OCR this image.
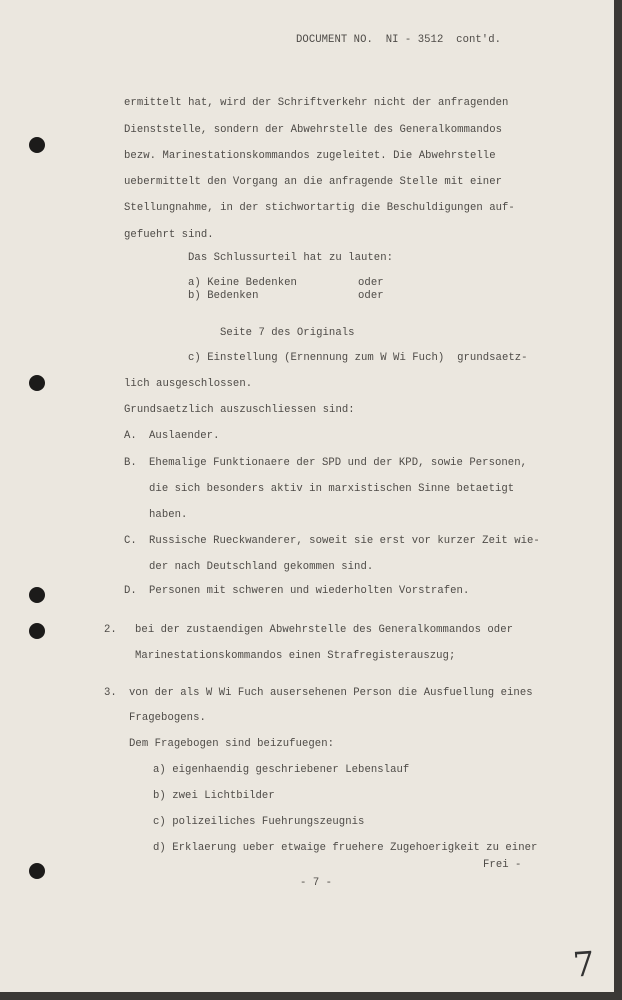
DOCUMENT NO.  NI - 3512  cont'd.
ermittelt hat, wird der Schriftverkehr nicht der anfragenden
Dienststelle, sondern der Abwehrstelle des Generalkommandos
bezw. Marinestationskommandos zugeleitet. Die Abwehrstelle
uebermittelt den Vorgang an die anfragende Stelle mit einer
Stellungnahme, in der stichwortartig die Beschuldigungen auf-
gefuehrt sind.
Das Schlussurteil hat zu lauten:
a) Keine Bedenken	oder
b) Bedenken	oder
Seite 7 des Originals
c) Einstellung (Ernennung zum W Wi Fuch)  grundsaetz-
lich ausgeschlossen.
Grundsaetzlich auszuschliessen sind:
A. Auslaender.
B. Ehemalige Funktionaere der SPD und der KPD, sowie Personen,
die sich besonders aktiv in marxistischen Sinne betaetigt
haben.
C. Russische Rueckwanderer, soweit sie erst vor kurzer Zeit wie-
der nach Deutschland gekommen sind.
D. Personen mit schweren und wiederholten Vorstrafen.
2. bei der zustaendigen Abwehrstelle des Generalkommandos oder
Marinestationskommandos einen Strafregisterauszug;
3. von der als W Wi Fuch ausersehenen Person die Ausfuellung eines
Fragebogens.
Dem Fragebogen sind beizufuegen:
a) eigenhaendig geschriebener Lebenslauf
b) zwei Lichtbilder
c) polizeiliches Fuehrungszeugnis
d) Erklaerung ueber etwaige fruehere Zugehoerigkeit zu einer
Frei -
- 7 -
7
